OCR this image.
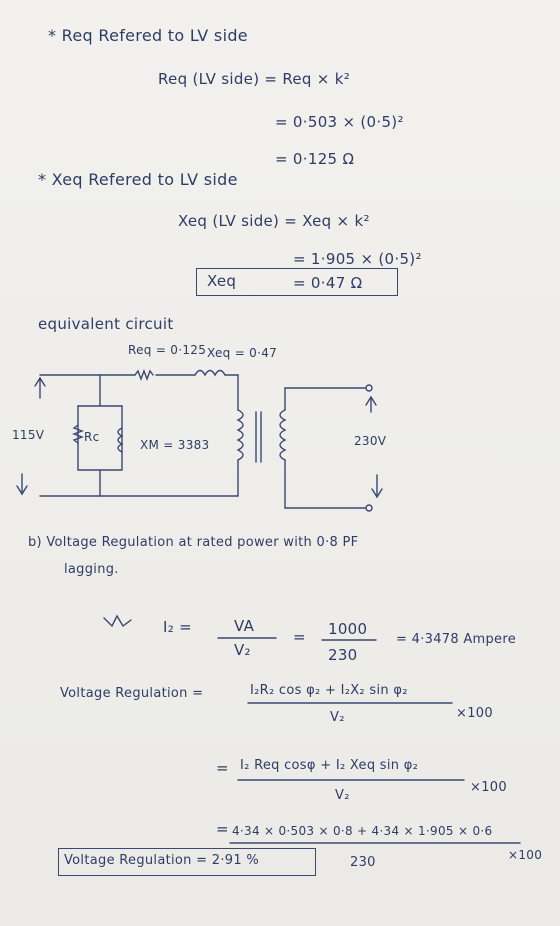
* Req Refered to LV side
Req (LV side) = Req × k²
= 0·503 × (0·5)²
= 0·125 Ω
* Xeq Refered to LV side
Xeq (LV side) = Xeq × k²
= 1·905 × (0·5)²
Xeq	= 0·47 Ω
equivalent circuit
Req = 0·125 Xeq = 0·47
115V	Rc
XM = 3383	230V
b) Voltage Regulation at rated power with 0·8 PF
lagging.
I₂ =	VA
V₂
= 1000
230
= 4·3478 Ampere
Voltage Regulation =	I₂R₂ cos φ₂ + I₂X₂ sin φ₂
V₂	×100
= I₂ Req cosφ + I₂ Xeq sin φ₂
V₂
×100
= 4·34 × 0·503 × 0·8 + 4·34 × 1·905 × 0·6
230	×100
Voltage Regulation = 2·91 %
